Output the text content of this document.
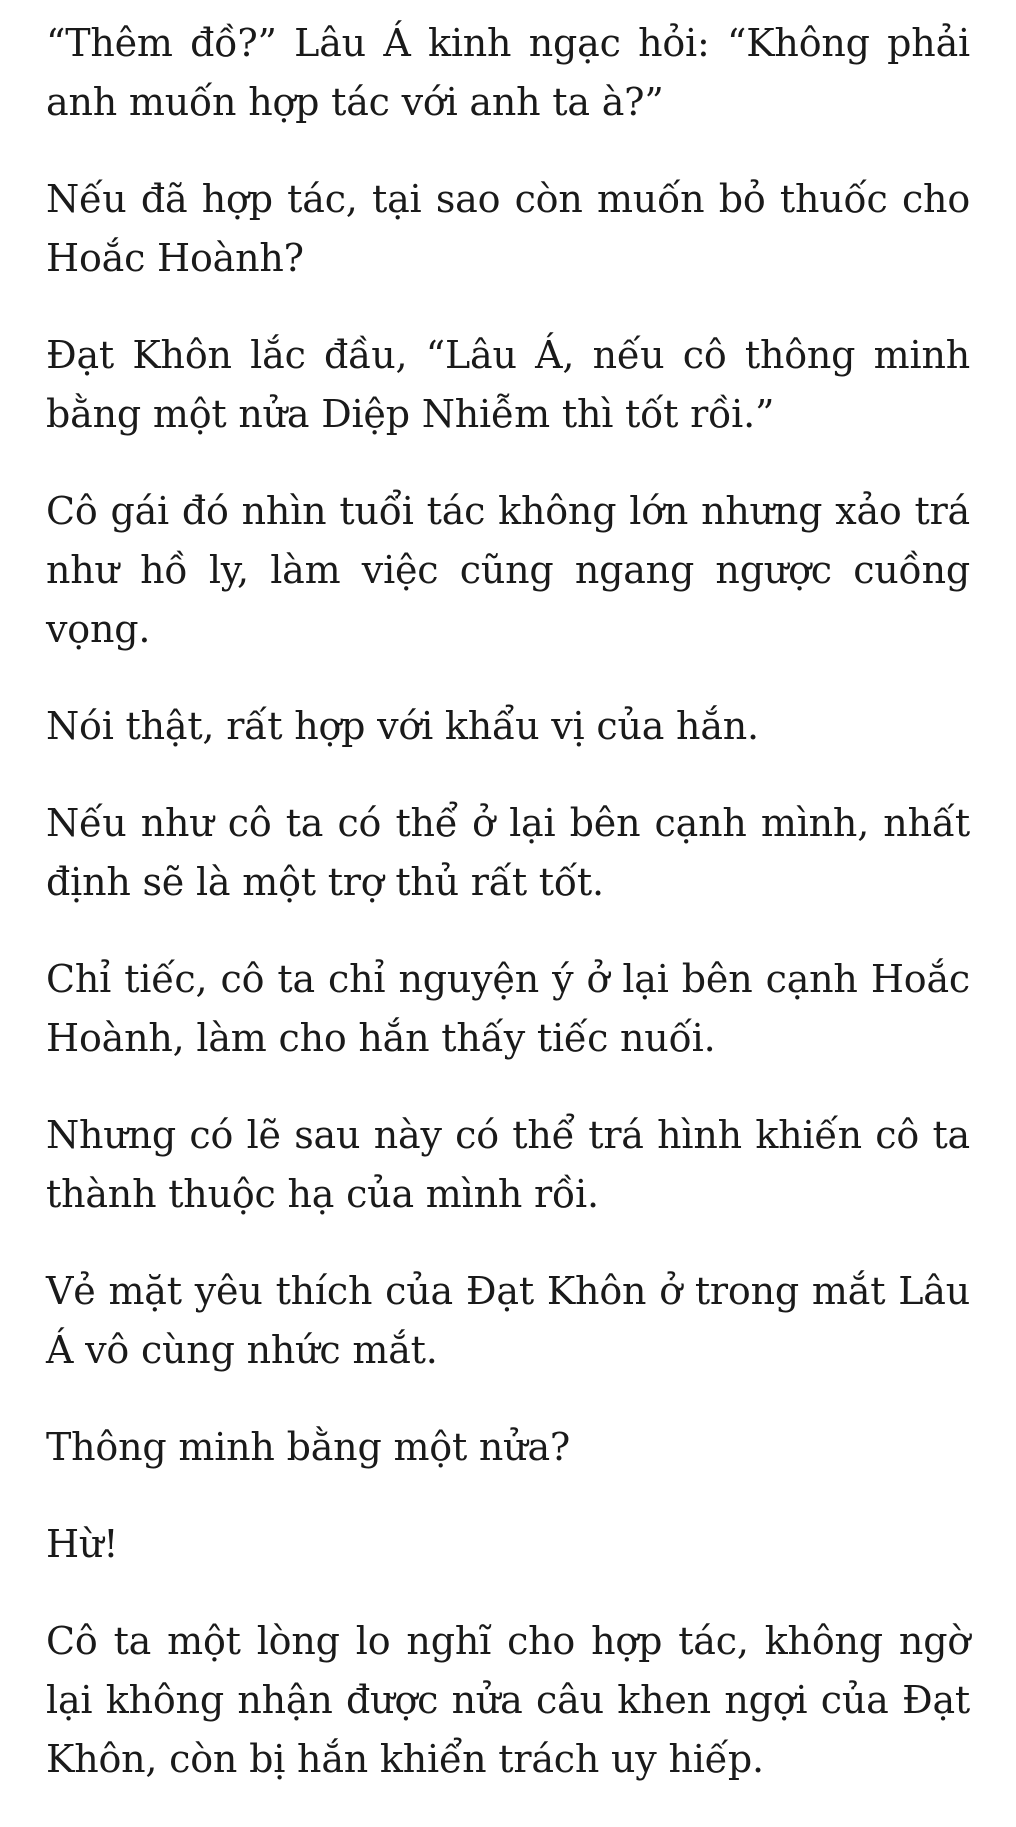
“Thêm đồ?” Lâu Á kinh ngạc hỏi: “Không phải anh muốn hợp tác với anh ta à?”

Nếu đã hợp tác, tại sao còn muốn bỏ thuốc cho Hoắc Hoành?

Đạt Khôn lắc đầu, “Lâu Á, nếu cô thông minh bằng một nửa Diệp Nhiễm thì tốt rồi.”

Cô gái đó nhìn tuổi tác không lớn nhưng xảo trá như hồ ly, làm việc cũng ngang ngược cuồng vọng.

Nói thật, rất hợp với khẩu vị của hắn.

Nếu như cô ta có thể ở lại bên cạnh mình, nhất định sẽ là một trợ thủ rất tốt.

Chỉ tiếc, cô ta chỉ nguyện ý ở lại bên cạnh Hoắc Hoành, làm cho hắn thấy tiếc nuối.

Nhưng có lẽ sau này có thể trá hình khiến cô ta thành thuộc hạ của mình rồi.

Vẻ mặt yêu thích của Đạt Khôn ở trong mắt Lâu Á vô cùng nhức mắt.

Thông minh bằng một nửa?

Hừ!

Cô ta một lòng lo nghĩ cho hợp tác, không ngờ lại không nhận được nửa câu khen ngợi của Đạt Khôn, còn bị hắn khiển trách uy hiếp.
